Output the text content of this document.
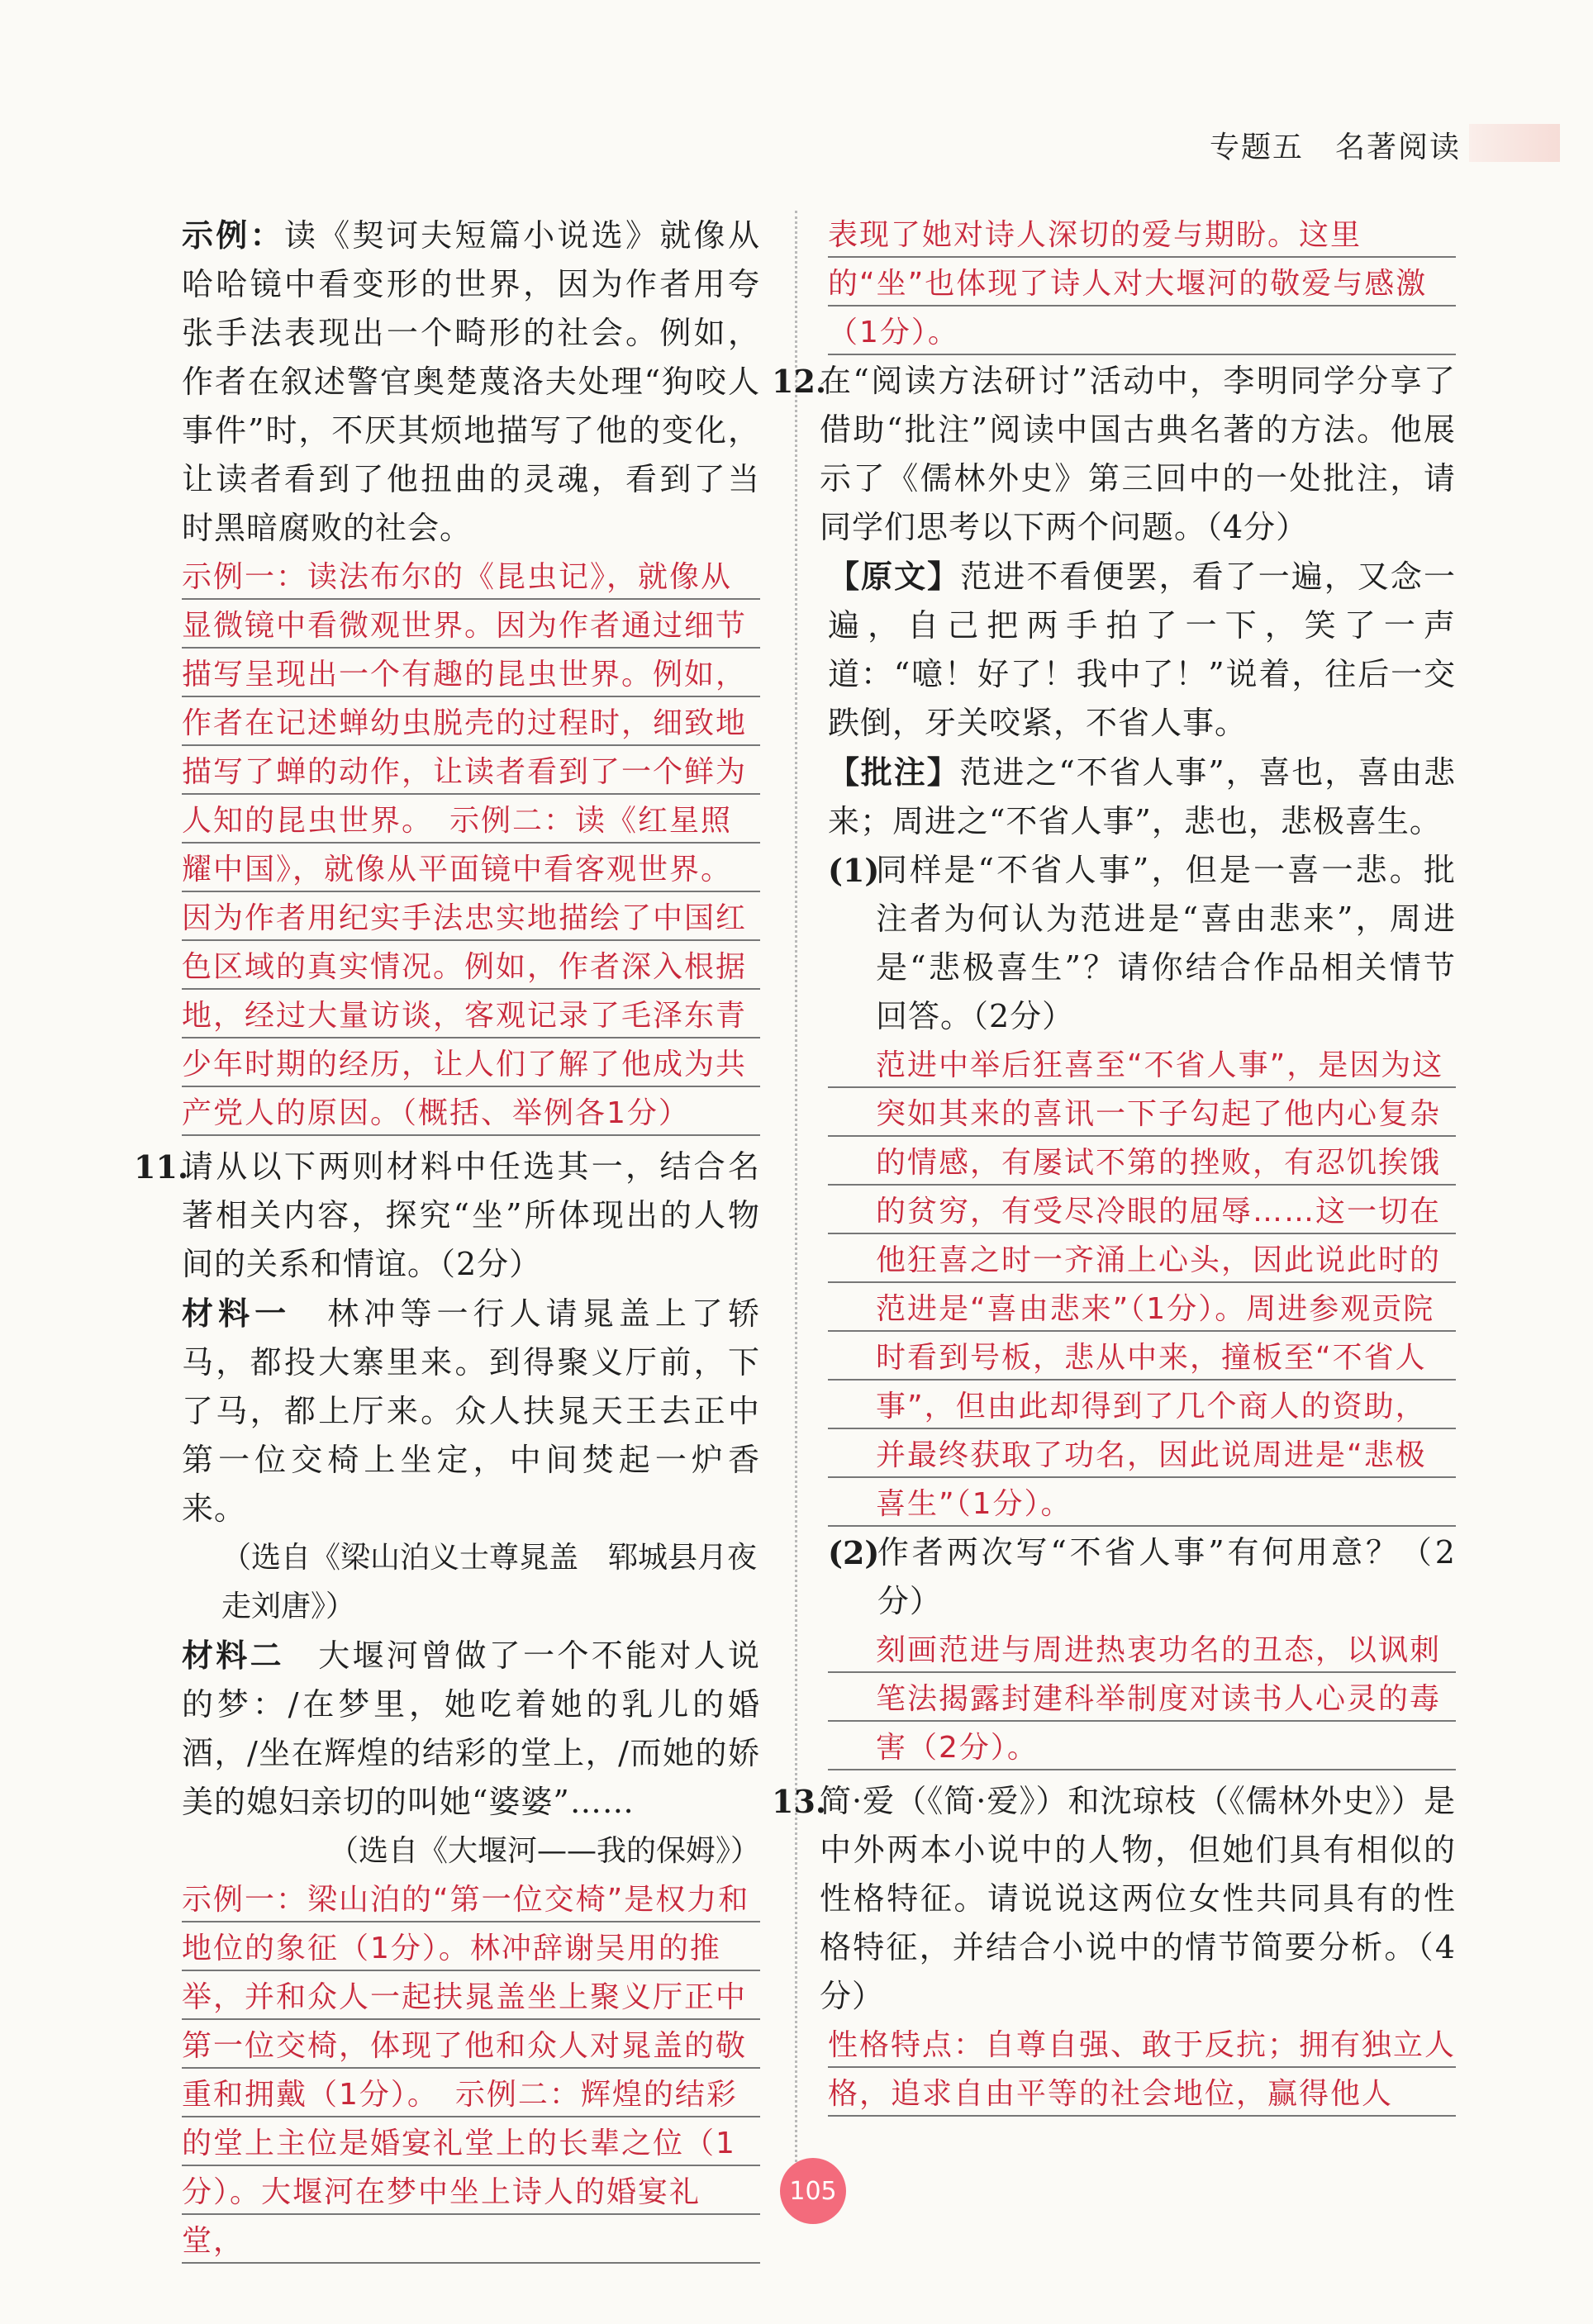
专题五　名著阅读

示例：读《契诃夫短篇小说选》就像从哈哈镜中看变形的世界，因为作者用夸张手法表现出一个畸形的社会。例如，作者在叙述警官奥楚蔑洛夫处理“狗咬人事件”时，不厌其烦地描写了他的变化，让读者看到了他扭曲的灵魂，看到了当时黑暗腐败的社会。

示例一：读法布尔的《昆虫记》，就像从显微镜中看微观世界。因为作者通过细节描写呈现出一个有趣的昆虫世界。例如，作者在记述蝉幼虫脱壳的过程时，细致地描写了蝉的动作，让读者看到了一个鲜为人知的昆虫世界。　示例二：读《红星照耀中国》，就像从平面镜中看客观世界。因为作者用纪实手法忠实地描绘了中国红色区域的真实情况。例如，作者深入根据地，经过大量访谈，客观记录了毛泽东青少年时期的经历，让人们了解了他成为共产党人的原因。（概括、举例各1分）

11.

请从以下两则材料中任选其一，结合名著相关内容，探究“坐”所体现出的人物间的关系和情谊。（2分）

材料一　林冲等一行人请晁盖上了轿马，都投大寨里来。到得聚义厅前，下了马，都上厅来。众人扶晁天王去正中第一位交椅上坐定，中间焚起一炉香来。

（选自《梁山泊义士尊晁盖　郓城县月夜走刘唐》）

材料二　大堰河曾做了一个不能对人说的梦：/在梦里，她吃着她的乳儿的婚酒，/坐在辉煌的结彩的堂上，/而她的娇美的媳妇亲切的叫她“婆婆”……

（选自《大堰河——我的保姆》）

示例一：梁山泊的“第一位交椅”是权力和地位的象征（1分）。林冲辞谢吴用的推举，并和众人一起扶晁盖坐上聚义厅正中第一位交椅，体现了他和众人对晁盖的敬重和拥戴（1分）。　示例二：辉煌的结彩的堂上主位是婚宴礼堂上的长辈之位（1分）。大堰河在梦中坐上诗人的婚宴礼堂，

表现了她对诗人深切的爱与期盼。这里的“坐”也体现了诗人对大堰河的敬爱与感激（1分）。

12.

在“阅读方法研讨”活动中，李明同学分享了借助“批注”阅读中国古典名著的方法。他展示了《儒林外史》第三回中的一处批注，请同学们思考以下两个问题。（4分）

【原文】范进不看便罢，看了一遍，又念一遍，自己把两手拍了一下，笑了一声道：“噫！好了！我中了！”说着，往后一交跌倒，牙关咬紧，不省人事。

【批注】范进之“不省人事”，喜也，喜由悲来；周进之“不省人事”，悲也，悲极喜生。

(1)

同样是“不省人事”，但是一喜一悲。批注者为何认为范进是“喜由悲来”，周进是“悲极喜生”？请你结合作品相关情节回答。（2分）

范进中举后狂喜至“不省人事”，是因为这突如其来的喜讯一下子勾起了他内心复杂的情感，有屡试不第的挫败，有忍饥挨饿的贫穷，有受尽冷眼的屈辱……这一切在他狂喜之时一齐涌上心头，因此说此时的范进是“喜由悲来”（1分）。周进参观贡院时看到号板，悲从中来，撞板至“不省人事”，但由此却得到了几个商人的资助，并最终获取了功名，因此说周进是“悲极喜生”（1分）。

(2)

作者两次写“不省人事”有何用意？（2分）

刻画范进与周进热衷功名的丑态，以讽刺笔法揭露封建科举制度对读书人心灵的毒害（2分）。

13.

简·爱（《简·爱》）和沈琼枝（《儒林外史》）是中外两本小说中的人物，但她们具有相似的性格特征。请说说这两位女性共同具有的性格特征，并结合小说中的情节简要分析。（4分）

性格特点：自尊自强、敢于反抗；拥有独立人格，追求自由平等的社会地位，赢得他人

105
